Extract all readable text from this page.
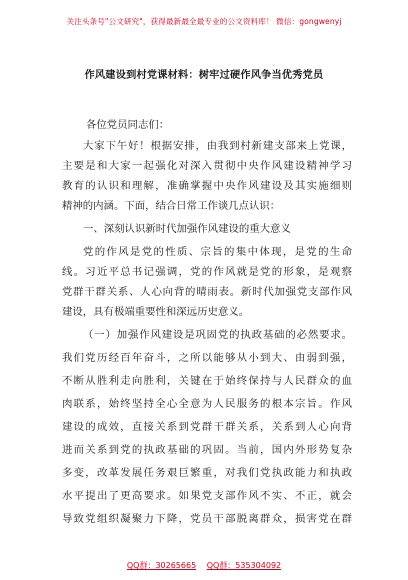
关注头条号"公文研究"，获得最新最全最专业的公文资料库！ 微信：gongwenyj
作风建设到村党课材料：树牢过硬作风争当优秀党员
各位党员同志们：
大家下午好！根据安排，由我到村新建支部来上党课，
主要是和大家一起强化对深入贯彻中央作风建设精神学习
教育的认识和理解，准确掌握中央作风建设及其实施细则
精神的内涵。下面，结合日常工作谈几点认识：
一、深刻认识新时代加强作风建设的重大意义
党的作风是党的性质、宗旨的集中体现，是党的生命
线。习近平总书记强调，党的作风就是党的形象，是观察
党群干群关系、人心向背的晴雨表。新时代加强党支部作风
建设，具有极端重要性和深远历史意义。
（一）加强作风建设是巩固党的执政基础的必然要求。
我们党历经百年奋斗，之所以能够从小到大、由弱到强，
不断从胜利走向胜利，关键在于始终保持与人民群众的血
肉联系，始终坚持全心全意为人民服务的根本宗旨。作风
建设的成效，直接关系到党群干群关系，关系到人心向背
进而关系到党的执政基础的巩固。当前，国内外形势复杂
多变，改革发展任务艰巨繁重，对我们党执政能力和执政
水平提出了更高要求。如果党支部作风不实、不正，就会
导致党组织凝聚力下降，党员干部脱离群众，损害党在群
QQ群：30265665 QQ群：535304092
